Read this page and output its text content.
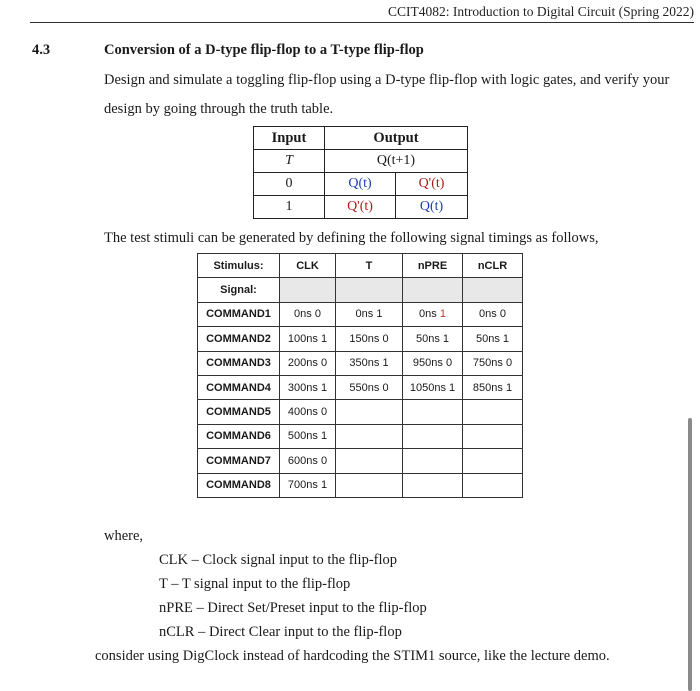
CCIT4082: Introduction to Digital Circuit (Spring 2022)
4.3	Conversion of a D-type flip-flop to a T-type flip-flop
Design and simulate a toggling flip-flop using a D-type flip-flop with logic gates, and verify your
design by going through the truth table.
Input	Output	
T	Q(t+1)	
0	Q(t)	Q'(t)
1	Q'(t)	Q(t)
The test stimuli can be generated by defining the following signal timings as follows,
Stimulus:	CLK	T	nPRE	nCLR
Signal:				
COMMAND1	0ns 0	0ns 1	0ns 1	0ns 0
COMMAND2	100ns 1	150ns 0	50ns 1	50ns 1
COMMAND3	200ns 0	350ns 1	950ns 0	750ns 0
COMMAND4	300ns 1	550ns 0	1050ns 1	850ns 1
COMMAND5	400ns 0			
COMMAND6	500ns 1			
COMMAND7	600ns 0			
COMMAND8	700ns 1			
where,
CLK – Clock signal input to the flip-flop
T – T signal input to the flip-flop
nPRE – Direct Set/Preset input to the flip-flop
nCLR – Direct Clear input to the flip-flop
consider using DigClock instead of hardcoding the STIM1 source, like the lecture demo.
